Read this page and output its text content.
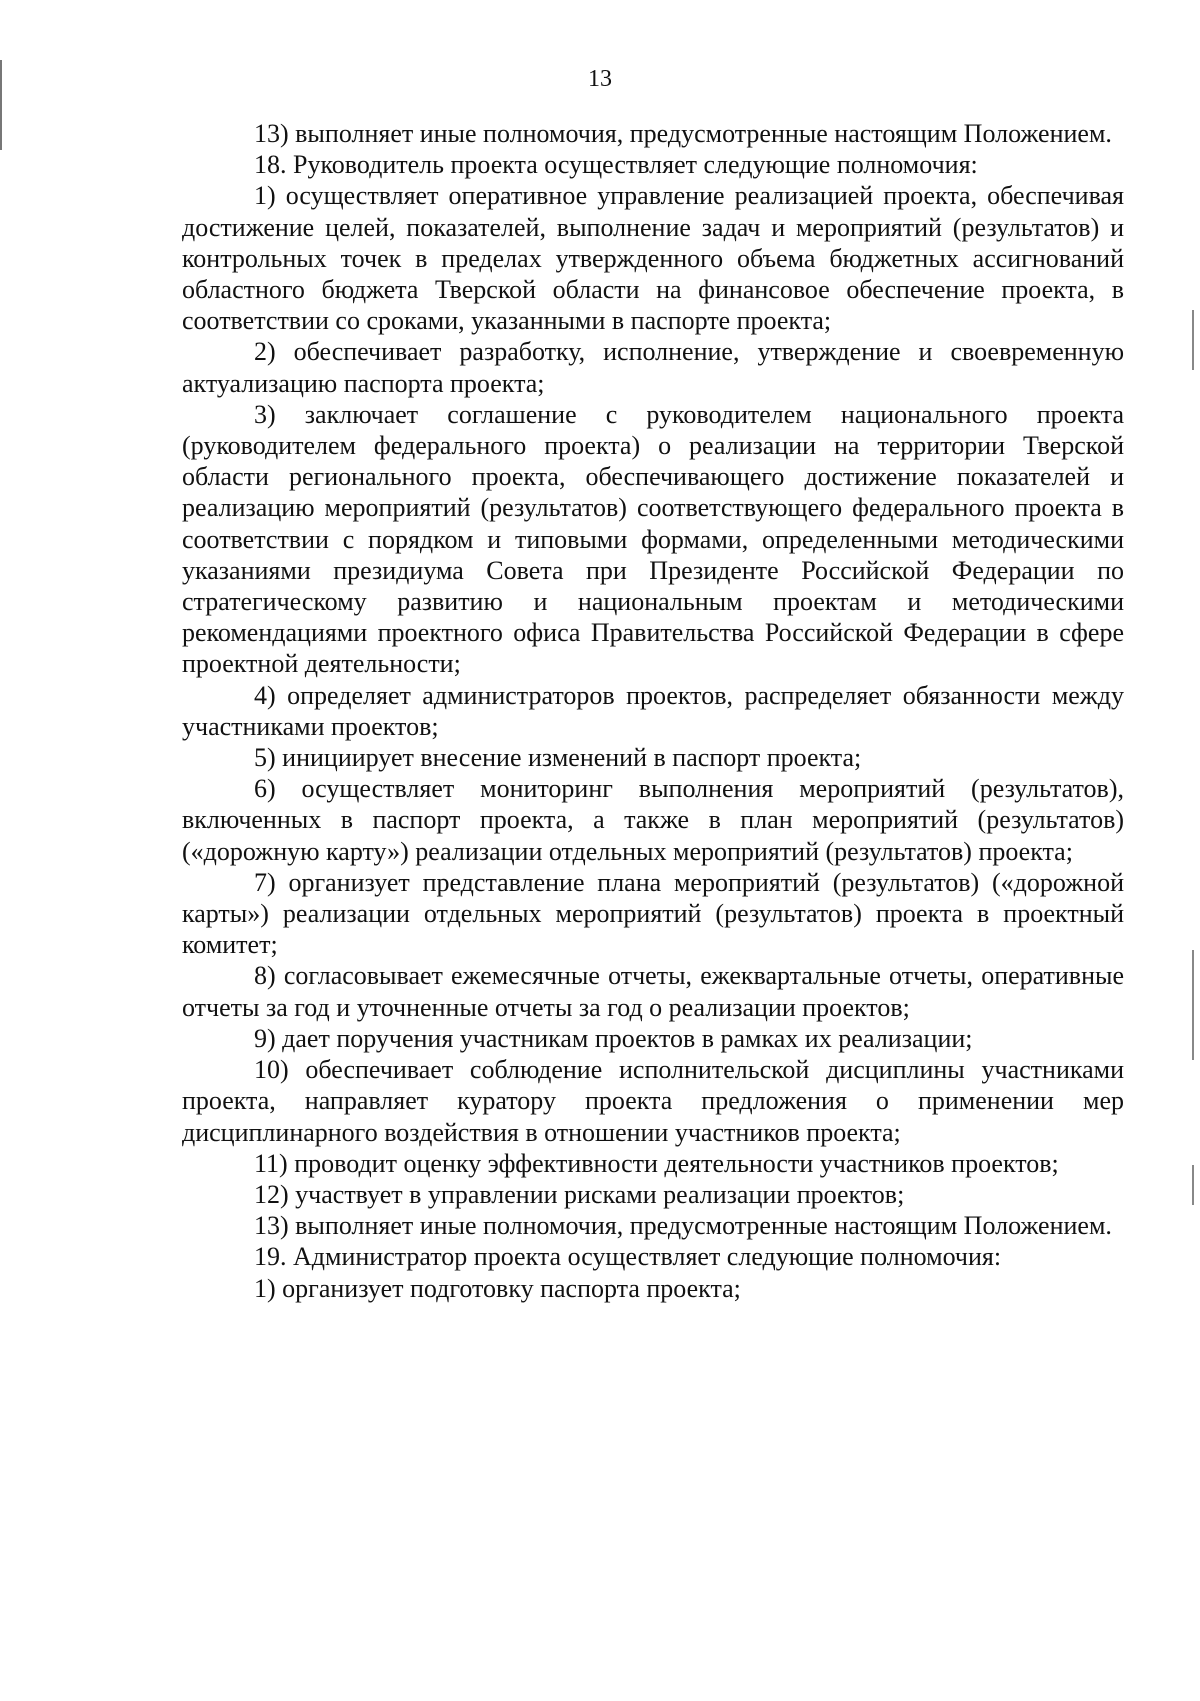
13

13) выполняет иные полномочия, предусмотренные настоящим Положением.

18. Руководитель проекта осуществляет следующие полномочия:

1) осуществляет оперативное управление реализацией проекта, обеспечивая достижение целей, показателей, выполнение задач и мероприятий (результатов) и контрольных точек в пределах утвержденного объема бюджетных ассигнований областного бюджета Тверской области на финансовое обеспечение проекта, в соответствии со сроками, указанными в паспорте проекта;

2) обеспечивает разработку, исполнение, утверждение и своевременную актуализацию паспорта проекта;

3) заключает соглашение с руководителем национального проекта (руководителем федерального проекта) о реализации на территории Тверской области регионального проекта, обеспечивающего достижение показателей и реализацию мероприятий (результатов) соответствующего федерального проекта в соответствии с порядком и типовыми формами, определенными методическими указаниями президиума Совета при Президенте Российской Федерации по стратегическому развитию и национальным проектам и методическими рекомендациями проектного офиса Правительства Российской Федерации в сфере проектной деятельности;

4) определяет администраторов проектов, распределяет обязанности между участниками проектов;

5) инициирует внесение изменений в паспорт проекта;

6) осуществляет мониторинг выполнения мероприятий (результатов), включенных в паспорт проекта, а также в план мероприятий (результатов) («дорожную карту») реализации отдельных мероприятий (результатов) проекта;

7) организует представление плана мероприятий (результатов) («дорожной карты») реализации отдельных мероприятий (результатов) проекта в проектный комитет;

8) согласовывает ежемесячные отчеты, ежеквартальные отчеты, оперативные отчеты за год и уточненные отчеты за год о реализации проектов;

9) дает поручения участникам проектов в рамках их реализации;

10) обеспечивает соблюдение исполнительской дисциплины участниками проекта, направляет куратору проекта предложения о применении мер дисциплинарного воздействия в отношении участников проекта;

11) проводит оценку эффективности деятельности участников проектов;

12) участвует в управлении рисками реализации проектов;

13) выполняет иные полномочия, предусмотренные настоящим Положением.

19. Администратор проекта осуществляет следующие полномочия:

1) организует подготовку паспорта проекта;
